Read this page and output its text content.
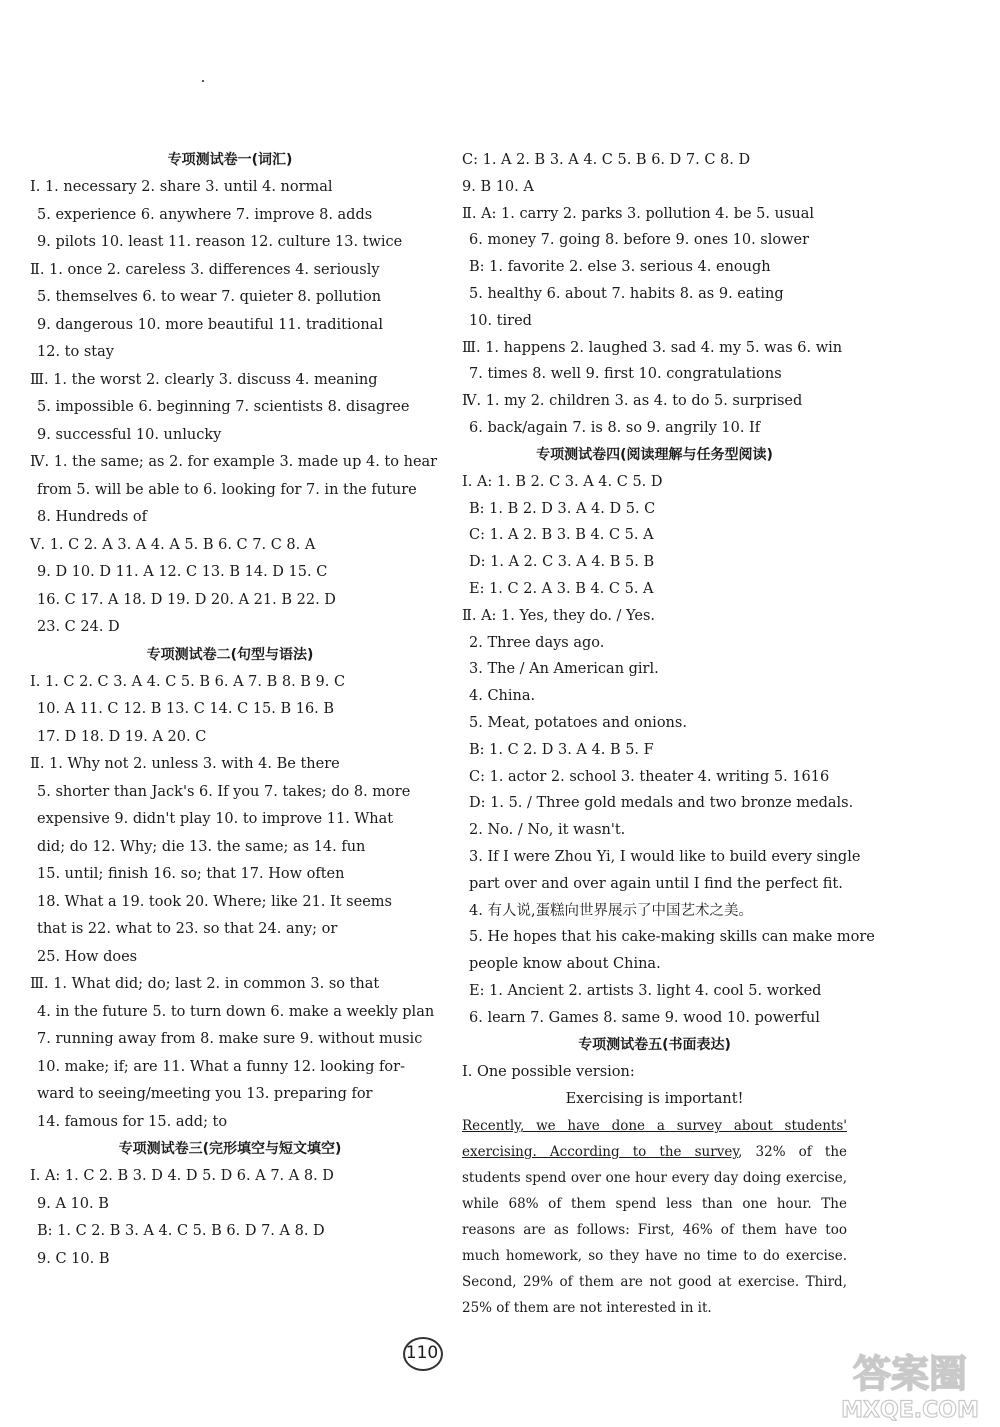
专项测试卷一(词汇)
Ⅰ. 1. necessary 2. share 3. until 4. normal
5. experience 6. anywhere 7. improve 8. adds
9. pilots 10. least 11. reason 12. culture 13. twice
Ⅱ. 1. once 2. careless 3. differences 4. seriously
5. themselves 6. to wear 7. quieter 8. pollution
9. dangerous 10. more beautiful 11. traditional
12. to stay
Ⅲ. 1. the worst 2. clearly 3. discuss 4. meaning
5. impossible 6. beginning 7. scientists 8. disagree
9. successful 10. unlucky
Ⅳ. 1. the same; as 2. for example 3. made up 4. to hear
from 5. will be able to 6. looking for 7. in the future
8. Hundreds of
Ⅴ. 1. C 2. A 3. A 4. A 5. B 6. C 7. C 8. A
9. D 10. D 11. A 12. C 13. B 14. D 15. C
16. C 17. A 18. D 19. D 20. A 21. B 22. D
23. C 24. D
专项测试卷二(句型与语法)
Ⅰ. 1. C 2. C 3. A 4. C 5. B 6. A 7. B 8. B 9. C
10. A 11. C 12. B 13. C 14. C 15. B 16. B
17. D 18. D 19. A 20. C
Ⅱ. 1. Why not 2. unless 3. with 4. Be there
5. shorter than Jack's 6. If you 7. takes; do 8. more
expensive 9. didn't play 10. to improve 11. What
did; do 12. Why; die 13. the same; as 14. fun
15. until; finish 16. so; that 17. How often
18. What a 19. took 20. Where; like 21. It seems
that is 22. what to 23. so that 24. any; or
25. How does
Ⅲ. 1. What did; do; last 2. in common 3. so that
4. in the future 5. to turn down 6. make a weekly plan
7. running away from 8. make sure 9. without music
10. make; if; are 11. What a funny 12. looking for-
ward to seeing/meeting you 13. preparing for
14. famous for 15. add; to
专项测试卷三(完形填空与短文填空)
Ⅰ. A: 1. C 2. B 3. D 4. D 5. D 6. A 7. A 8. D
9. A 10. B
B: 1. C 2. B 3. A 4. C 5. B 6. D 7. A 8. D
9. C 10. B
C: 1. A 2. B 3. A 4. C 5. B 6. D 7. C 8. D
9. B 10. A
Ⅱ. A: 1. carry 2. parks 3. pollution 4. be 5. usual
6. money 7. going 8. before 9. ones 10. slower
B: 1. favorite 2. else 3. serious 4. enough
5. healthy 6. about 7. habits 8. as 9. eating
10. tired
Ⅲ. 1. happens 2. laughed 3. sad 4. my 5. was 6. win
7. times 8. well 9. first 10. congratulations
Ⅳ. 1. my 2. children 3. as 4. to do 5. surprised
6. back/again 7. is 8. so 9. angrily 10. If
专项测试卷四(阅读理解与任务型阅读)
Ⅰ. A: 1. B 2. C 3. A 4. C 5. D
B: 1. B 2. D 3. A 4. D 5. C
C: 1. A 2. B 3. B 4. C 5. A
D: 1. A 2. C 3. A 4. B 5. B
E: 1. C 2. A 3. B 4. C 5. A
Ⅱ. A: 1. Yes, they do. / Yes.
2. Three days ago.
3. The / An American girl.
4. China.
5. Meat, potatoes and onions.
B: 1. C 2. D 3. A 4. B 5. F
C: 1. actor 2. school 3. theater 4. writing 5. 1616
D: 1. 5. / Three gold medals and two bronze medals.
2. No. / No, it wasn't.
3. If I were Zhou Yi, I would like to build every single
part over and over again until I find the perfect fit.
4. 有人说,蛋糕向世界展示了中国艺术之美。
5. He hopes that his cake-making skills can make more
people know about China.
E: 1. Ancient 2. artists 3. light 4. cool 5. worked
6. learn 7. Games 8. same 9. wood 10. powerful
专项测试卷五(书面表达)
Ⅰ. One possible version:
Exercising is important!
Recently, we have done a survey about students' exercising. According to the survey, 32% of the students spend over one hour every day doing exercise, while 68% of them spend less than one hour. The reasons are as follows: First, 46% of them have too much homework, so they have no time to do exercise. Second, 29% of them are not good at exercise. Third, 25% of them are not interested in it.
110	答案圈
MXQE.COM
